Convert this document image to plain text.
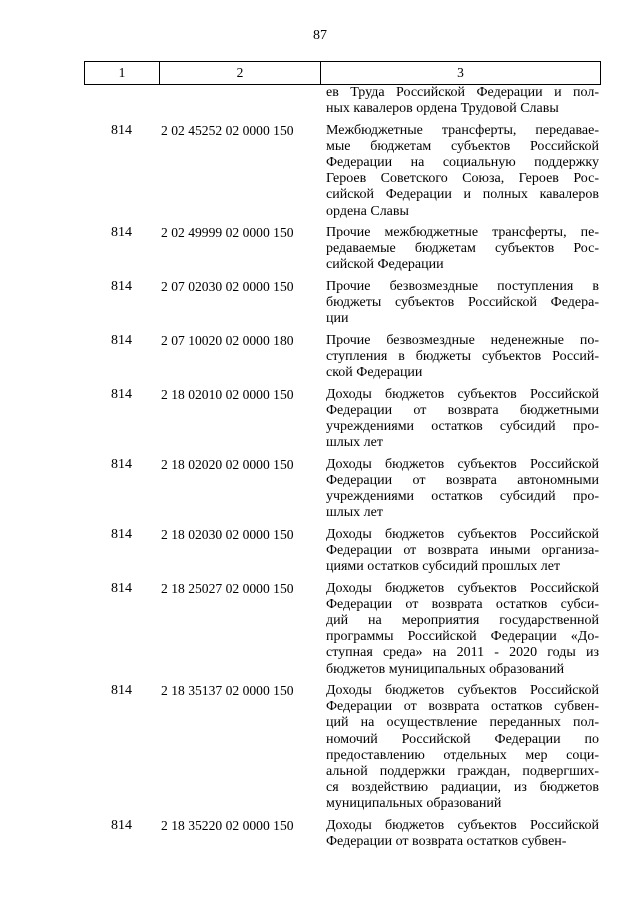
87
1	2	3
ев Труда Российской Федерации и пол-
ных кавалеров ордена Трудовой Славы
814	2 02 45252 02 0000 150	Межбюджетные трансферты, передавае-
мые бюджетам субъектов Российской
Федерации на социальную поддержку
Героев Советского Союза, Героев Рос-
сийской Федерации и полных кавалеров
ордена Славы
814	2 02 49999 02 0000 150	Прочие межбюджетные трансферты, пе-
редаваемые бюджетам субъектов Рос-
сийской Федерации
814	2 07 02030 02 0000 150	Прочие безвозмездные поступления в
бюджеты субъектов Российской Федера-
ции
814	2 07 10020 02 0000 180	Прочие безвозмездные неденежные по-
ступления в бюджеты субъектов Россий-
ской Федерации
814	2 18 02010 02 0000 150	Доходы бюджетов субъектов Российской
Федерации от возврата бюджетными
учреждениями остатков субсидий про-
шлых лет
814	2 18 02020 02 0000 150	Доходы бюджетов субъектов Российской
Федерации от возврата автономными
учреждениями остатков субсидий про-
шлых лет
814	2 18 02030 02 0000 150	Доходы бюджетов субъектов Российской
Федерации от возврата иными организа-
циями остатков субсидий прошлых лет
814	2 18 25027 02 0000 150	Доходы бюджетов субъектов Российской
Федерации от возврата остатков субси-
дий на мероприятия государственной
программы Российской Федерации «До-
ступная среда» на 2011 - 2020 годы из
бюджетов муниципальных образований
814	2 18 35137 02 0000 150	Доходы бюджетов субъектов Российской
Федерации от возврата остатков субвен-
ций на осуществление переданных пол-
номочий Российской Федерации по
предоставлению отдельных мер соци-
альной поддержки граждан, подвергших-
ся воздействию радиации, из бюджетов
муниципальных образований
814	2 18 35220 02 0000 150	Доходы бюджетов субъектов Российской
Федерации от возврата остатков субвен-
